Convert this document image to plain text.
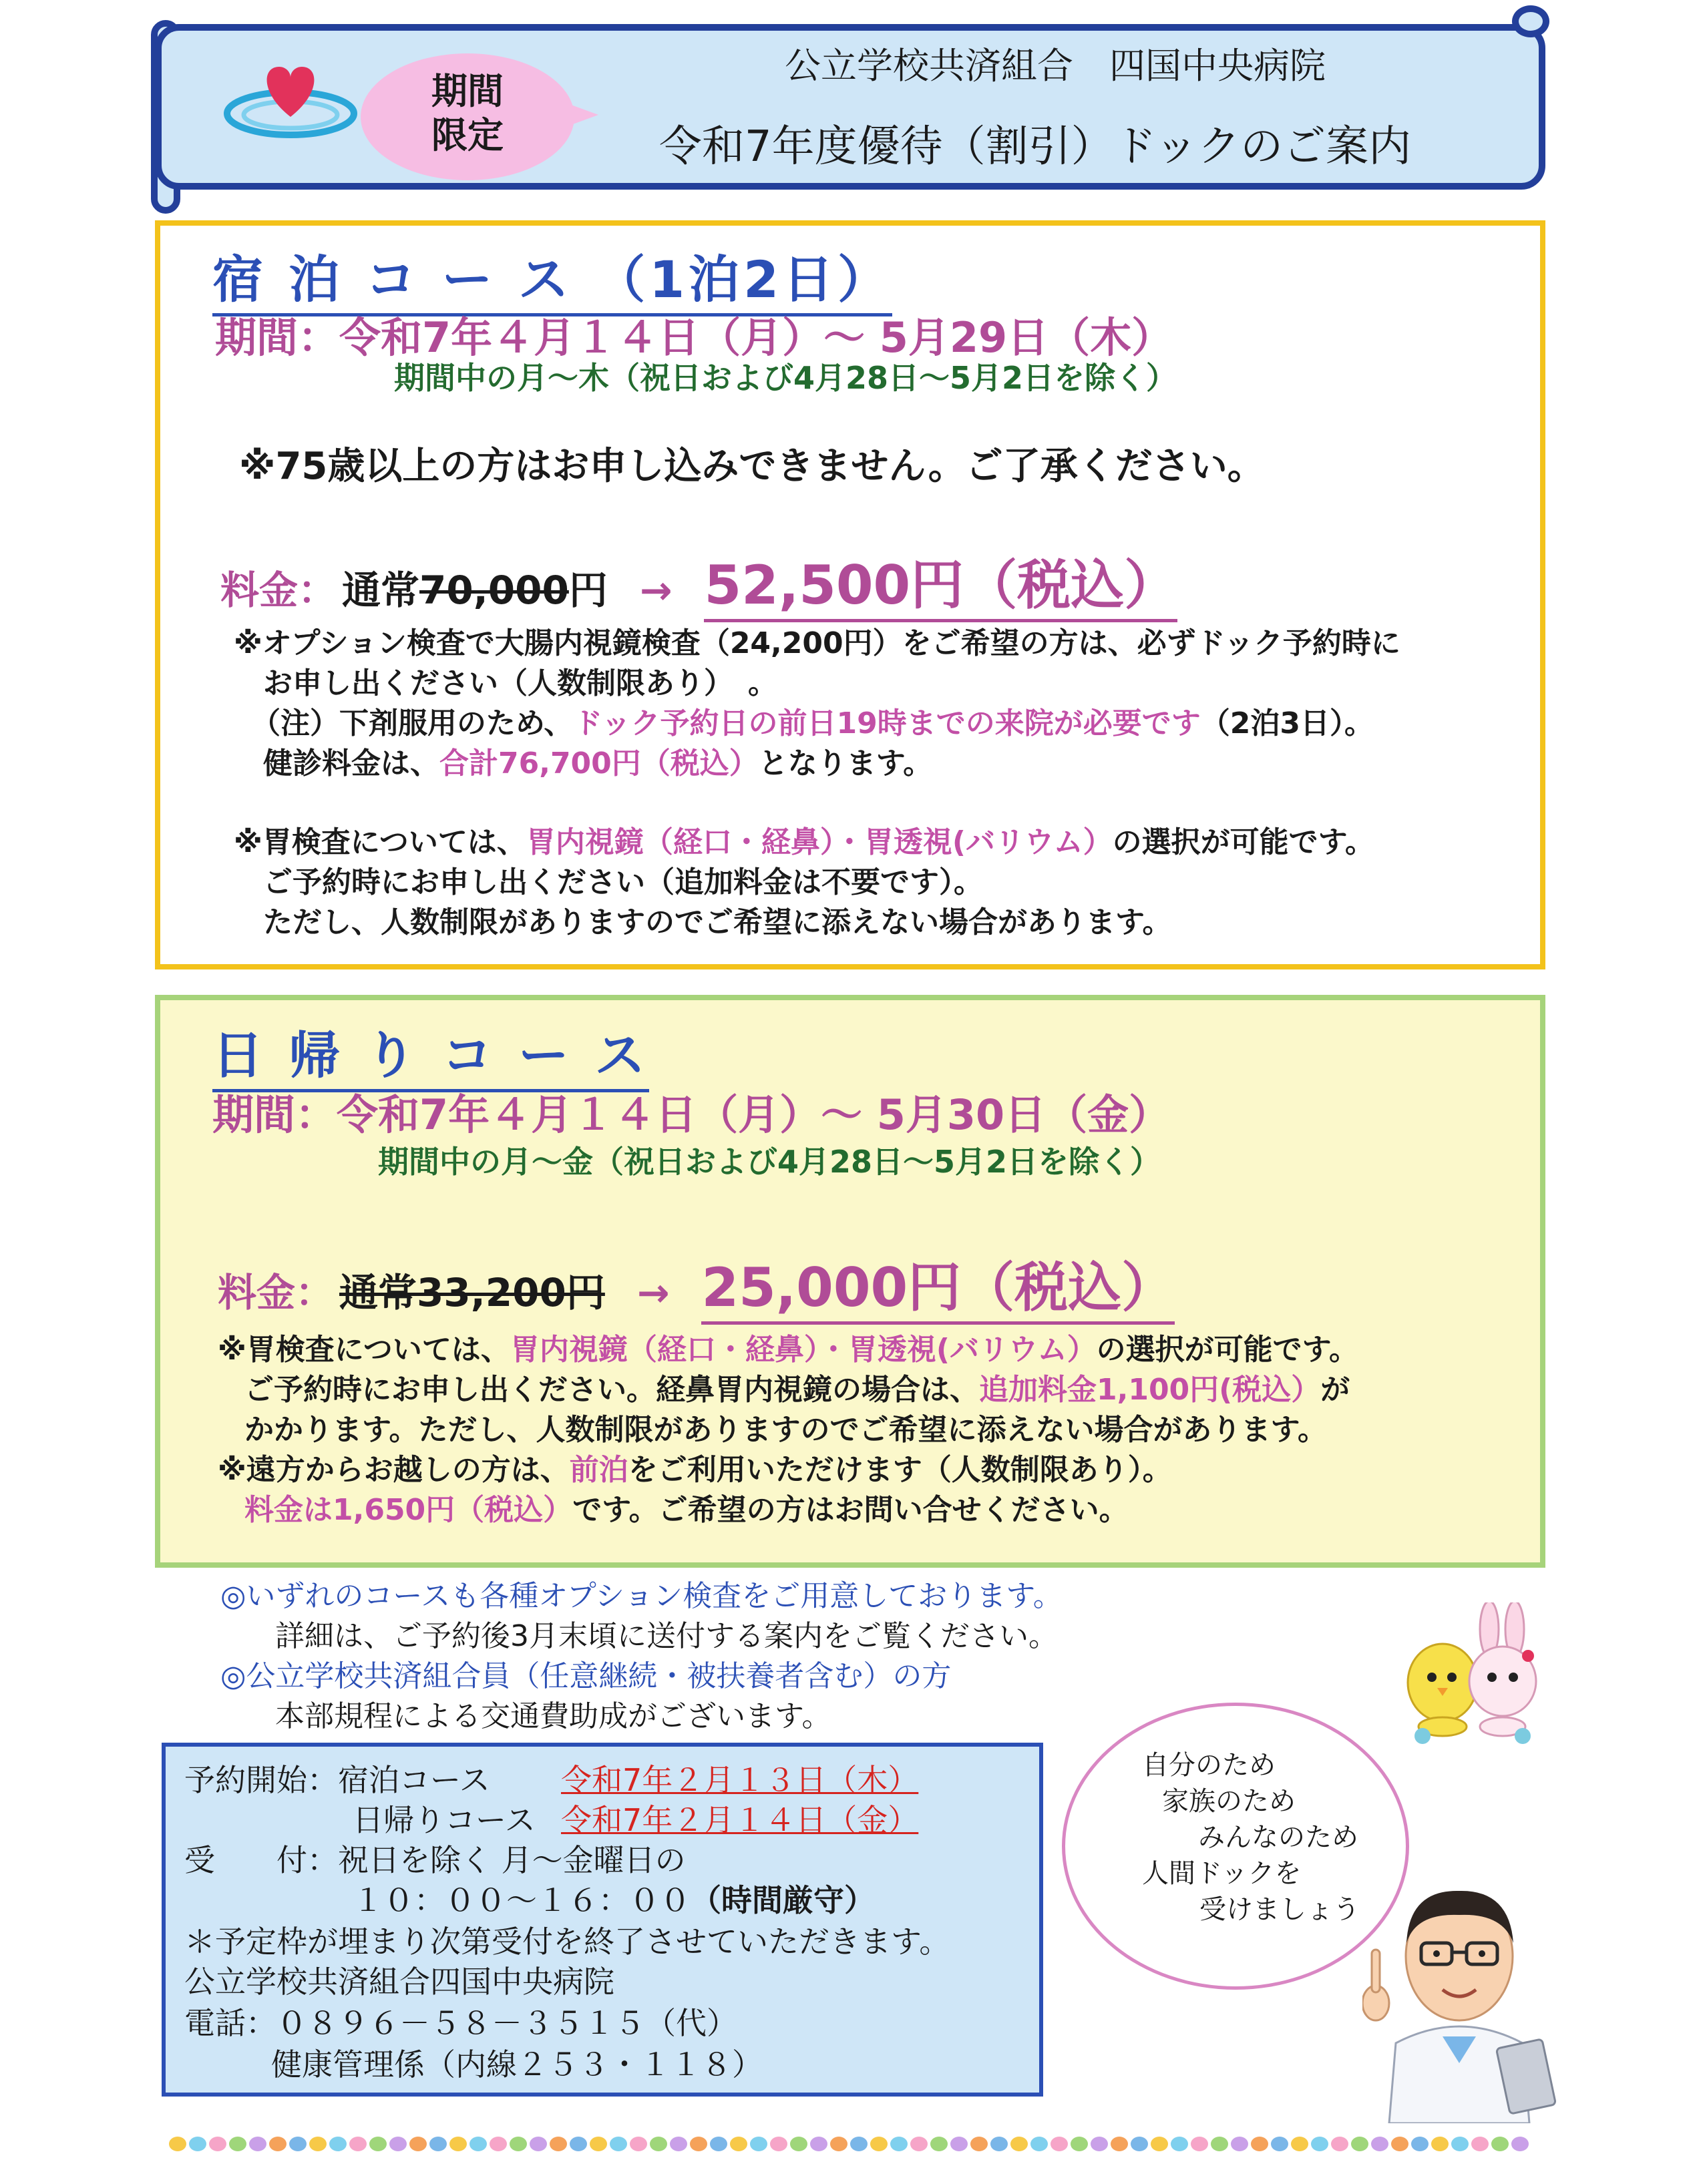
期間
限定
公立学校共済組合　四国中央病院
令和7年度優待（割引）ドックのご案内
宿 泊 コ ー ス （1泊2日）
期間：令和7年４月１４日（月）～ 5月29日（木）
期間中の月～木（祝日および4月28日～5月2日を除く）
※75歳以上の方はお申し込みできません。ご了承ください。
料金： 通常70,000円 → 52,500円（税込）
※オプション検査で大腸内視鏡検査（24,200円）をご希望の方は、必ずドック予約時に
お申し出ください（人数制限あり）　。
（注）下剤服用のため、ドック予約日の前日19時までの来院が必要です（2泊3日）。
健診料金は、合計76,700円（税込）となります。
※胃検査については、胃内視鏡（経口・経鼻）・胃透視(バリウム）の選択が可能です。
ご予約時にお申し出ください（追加料金は不要です）。
ただし、人数制限がありますのでご希望に添えない場合があります。
日 帰 り コ ー ス
期間：令和7年４月１４日（月）～ 5月30日（金）
期間中の月～金（祝日および4月28日～5月2日を除く）
料金： 通常33,200円 → 25,000円（税込）
※胃検査については、胃内視鏡（経口・経鼻）・胃透視(バリウム）の選択が可能です。
ご予約時にお申し出ください。経鼻胃内視鏡の場合は、追加料金1,100円(税込）が
かかります。ただし、人数制限がありますのでご希望に添えない場合があります。
※遠方からお越しの方は、前泊をご利用いただけます（人数制限あり）。
料金は1,650円（税込）です。ご希望の方はお問い合せください。
◎いずれのコースも各種オプション検査をご用意しております。
詳細は、ご予約後3月末頃に送付する案内をご覧ください。
◎公立学校共済組合員（任意継続・被扶養者含む）の方
本部規程による交通費助成がございます。
予約開始：宿泊コース 令和7年２月１３日（木）
日帰りコース 令和7年２月１４日（金）
受　　付：祝日を除く 月～金曜日の
１０：００～１６：００（時間厳守）
＊予定枠が埋まり次第受付を終了させていただきます。
公立学校共済組合四国中央病院
電話：０８９６－５８－３５１５（代）
健康管理係（内線２５３・１１８）
自分のため
家族のため
みんなのため
人間ドックを
受けましょう
